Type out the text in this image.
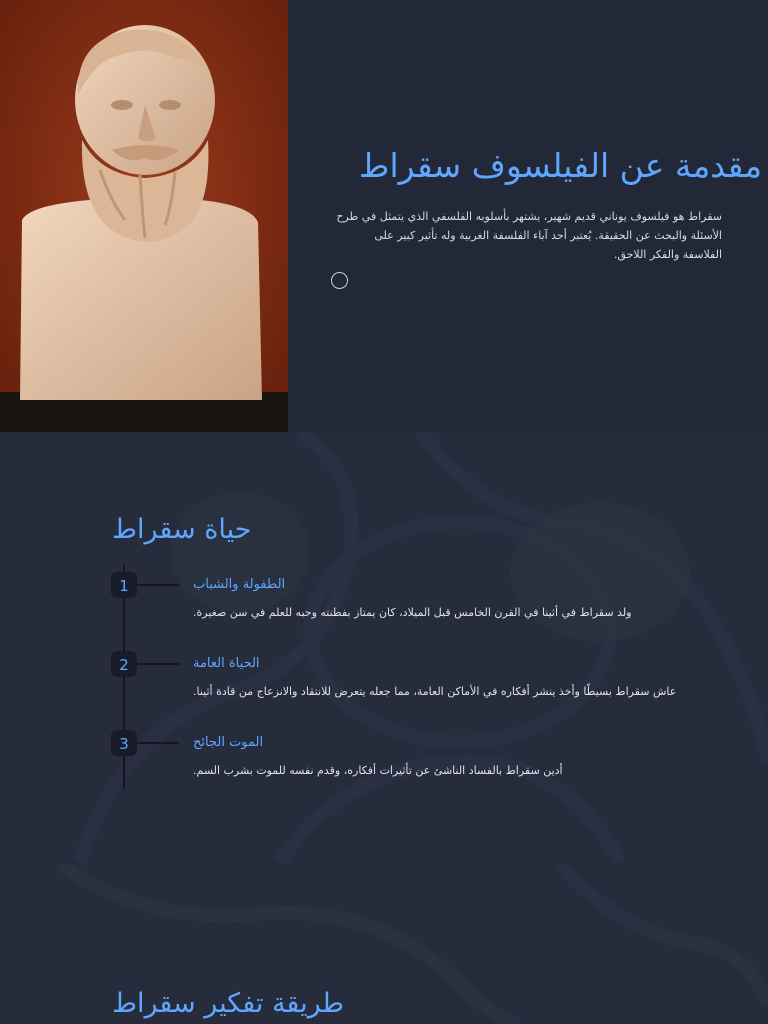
مقدمة عن الفيلسوف سقراط

سقراط هو فيلسوف يوناني قديم شهير، يشتهر بأسلوبه الفلسفي الذي يتمثل في طرح الأسئلة والبحث عن الحقيقة. يُعتبر أحد آباء الفلسفة الغربية وله تأثير كبير على الفلاسفة والفكر اللاحق.

حياة سقراط
1	الطفولة والشباب

ولد سقراط في أثينا في القرن الخامس قبل الميلاد، كان يمتاز بفطنته وحبه للعلم في سن صغيرة.

2	الحياة العامة

عاش سقراط بسيطًا وأخذ ينشر أفكاره في الأماكن العامة، مما جعله يتعرض للانتقاد والانزعاج من قادة أثينا.

3	الموت الجائح

أدين سقراط بالفساد الناشئ عن تأثيرات أفكاره، وقدم نفسه للموت بشرب السم.

طريقة تفكير سقراط
